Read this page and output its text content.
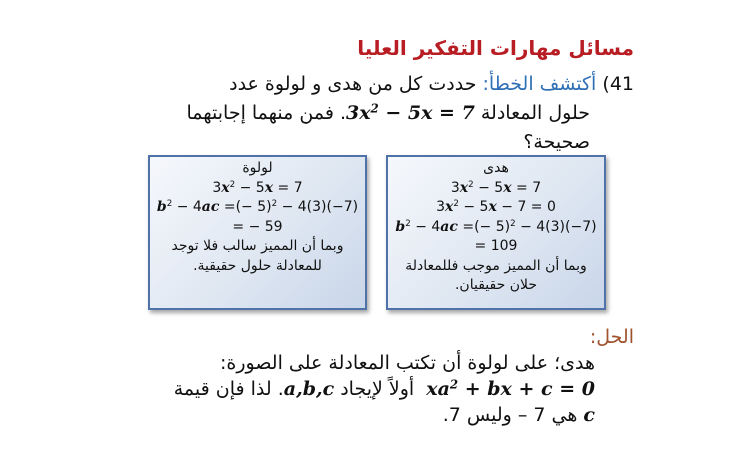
مسائل مهارات التفكير العليا
41) أكتشف الخطأ: حددت كل من هدى و لولوة عدد
حلول المعادلة $3x^2 - 5x = 7$. فمن منهما إجابتهما
صحيحة؟
لولوة
$3x^2 - 5x = 7$
$b^2 - 4ac$ =(− 5)$^2$ − 4(3)(−7)
= − 59
وبما أن المميز سالب فلا توجد
للمعادلة حلول حقيقية.
هدى
$3x^2 - 5x = 7$
$3x^2 - 5x - 7 = 0$
$b^2 - 4ac$ =(− 5)$^2$ − 4(3)(−7)
= 109
وبما أن المميز موجب فللمعادلة
حلان حقيقيان.
الحل:
هدى؛ على لولوة أن تكتب المعادلة على الصورة:
$xa^2$ + bx + c = 0  أولاً لإيجاد a,b,c. لذا فإن قيمة
c هي 7 – وليس 7.
